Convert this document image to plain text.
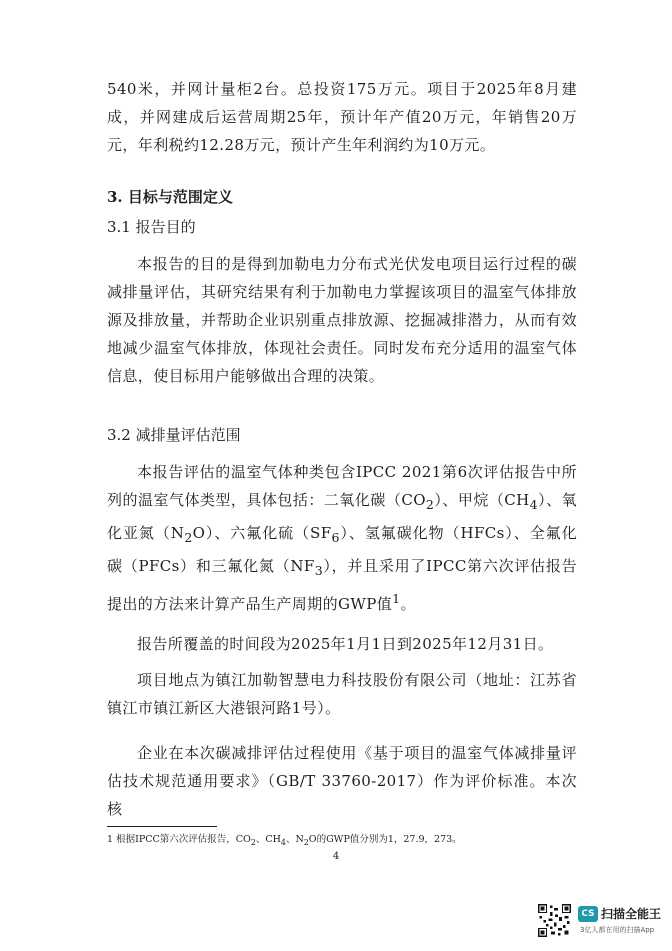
540米，并网计量柜2台。总投资175万元。项目于2025年8月建成，并网建成后运营周期25年，预计年产值20万元，年销售20万元，年利税约12.28万元，预计产生年利润约为10万元。

3. 目标与范围定义

3.1 报告目的

本报告的目的是得到加勒电力分布式光伏发电项目运行过程的碳减排量评估，其研究结果有利于加勒电力掌握该项目的温室气体排放源及排放量，并帮助企业识别重点排放源、挖掘减排潜力，从而有效地减少温室气体排放，体现社会责任。同时发布充分适用的温室气体信息，使目标用户能够做出合理的决策。

3.2 减排量评估范围

本报告评估的温室气体种类包含IPCC 2021第6次评估报告中所列的温室气体类型，具体包括：二氧化碳$(CO_2)$、甲烷$(CH_4)$、氧化亚氮$(N_2O)$、六氟化硫$(SF_6)$、氢氟碳化物（HFCs）、全氟化碳（PFCs）和三氟化氮$(NF_3)$，并且采用了IPCC第六次评估报告提出的方法来计算产品生产周期的GWP值$^1$。

报告所覆盖的时间段为2025年1月1日到2025年12月31日。

项目地点为镇江加勒智慧电力科技股份有限公司（地址：江苏省镇江市镇江新区大港银河路1号）。

企业在本次碳减排评估过程使用《基于项目的温室气体减排量评估技术规范通用要求》（GB/T 33760-2017）作为评价标准。本次核

1 根据IPCC第六次评估报告，$CO_2$、$CH_4$、$N_2O$的GWP值分别为1，27.9，273。

4

CS 扫描全能王
3亿人都在用的扫描App
